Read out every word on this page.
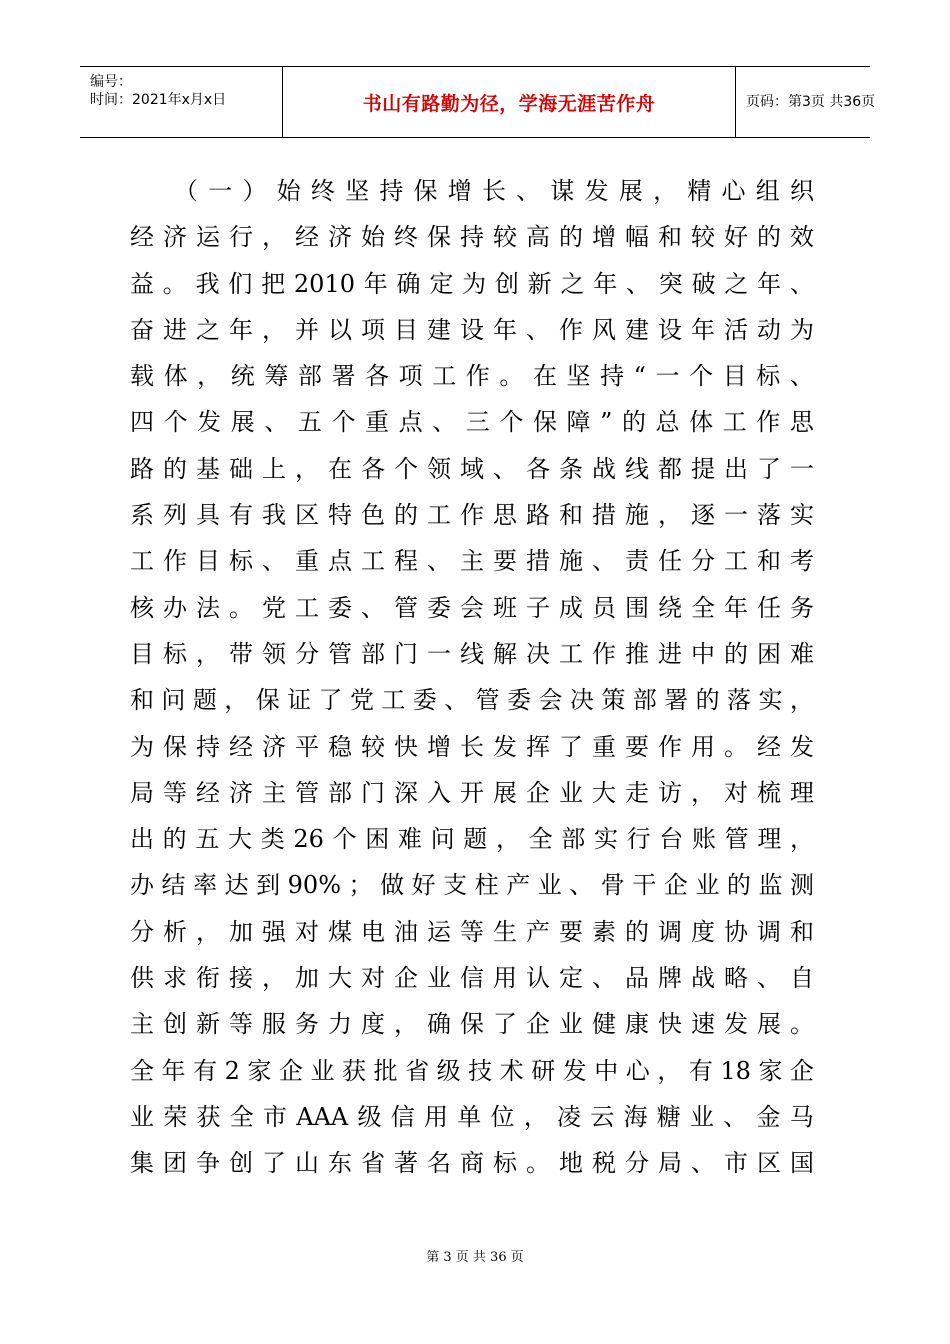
编号：
时间：2021年x月x日	书山有路勤为径，学海无涯苦作舟	页码：第3页 共36页
（ 一 ） 始 终 坚 持 保 增 长 、 谋 发 展 ， 精 心 组 织
经 济 运 行 ， 经 济 始 终 保 持 较 高 的 增 幅 和 较 好 的 效
益 。 我 们 把 2010 年 确 定 为 创 新 之 年 、 突 破 之 年 、
奋 进 之 年 ， 并 以 项 目 建 设 年 、 作 风 建 设 年 活 动 为
载 体 ， 统 筹 部 署 各 项 工 作 。 在 坚 持 “ 一 个 目 标 、
四 个 发 展 、 五 个 重 点 、 三 个 保 障 ” 的 总 体 工 作 思
路 的 基 础 上 ， 在 各 个 领 域 、 各 条 战 线 都 提 出 了 一
系 列 具 有 我 区 特 色 的 工 作 思 路 和 措 施 ， 逐 一 落 实
工 作 目 标 、 重 点 工 程 、 主 要 措 施 、 责 任 分 工 和 考
核 办 法 。 党 工 委 、 管 委 会 班 子 成 员 围 绕 全 年 任 务
目 标 ， 带 领 分 管 部 门 一 线 解 决 工 作 推 进 中 的 困 难
和 问 题 ， 保 证 了 党 工 委 、 管 委 会 决 策 部 署 的 落 实 ，
为 保 持 经 济 平 稳 较 快 增 长 发 挥 了 重 要 作 用 。 经 发
局 等 经 济 主 管 部 门 深 入 开 展 企 业 大 走 访 ， 对 梳 理
出 的 五 大 类 26 个 困 难 问 题 ， 全 部 实 行 台 账 管 理 ，
办 结 率 达 到 90% ； 做 好 支 柱 产 业 、 骨 干 企 业 的 监 测
分 析 ， 加 强 对 煤 电 油 运 等 生 产 要 素 的 调 度 协 调 和
供 求 衔 接 ， 加 大 对 企 业 信 用 认 定 、 品 牌 战 略 、 自
主 创 新 等 服 务 力 度 ， 确 保 了 企 业 健 康 快 速 发 展 。
全 年 有 2 家 企 业 获 批 省 级 技 术 研 发 中 心 ， 有 18 家 企
业 荣 获 全 市 AAA 级 信 用 单 位 ， 凌 云 海 糖 业 、 金 马
集 团 争 创 了 山 东 省 著 名 商 标 。 地 税 分 局 、 市 区 国
第 3 页 共 36 页
